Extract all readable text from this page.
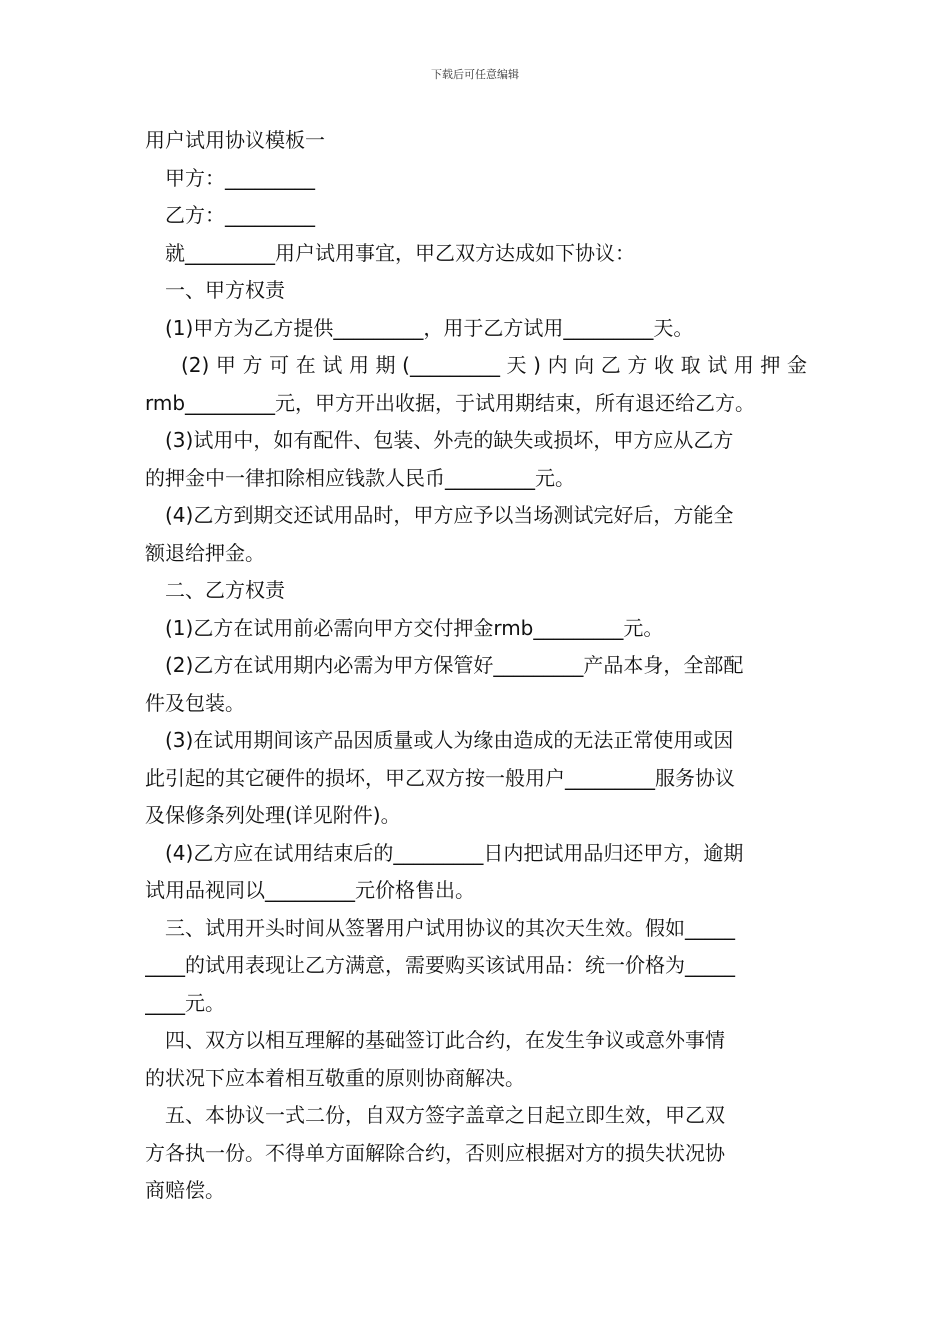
下载后可任意编辑
用户试用协议模板一
甲方：_________
乙方：_________
就_________用户试用事宜，甲乙双方达成如下协议：
一、甲方权责
(1)甲方为乙方提供_________，用于乙方试用_________天。
(2)甲方可在试用期(_________天)内向乙方收取试用押金
rmb_________元，甲方开出收据，于试用期结束，所有退还给乙方。
(3)试用中，如有配件、包装、外壳的缺失或损坏，甲方应从乙方
的押金中一律扣除相应钱款人民币_________元。
(4)乙方到期交还试用品时，甲方应予以当场测试完好后，方能全
额退给押金。
二、乙方权责
(1)乙方在试用前必需向甲方交付押金rmb_________元。
(2)乙方在试用期内必需为甲方保管好_________产品本身，全部配
件及包装。
(3)在试用期间该产品因质量或人为缘由造成的无法正常使用或因
此引起的其它硬件的损坏，甲乙双方按一般用户_________服务协议
及保修条列处理(详见附件)。
(4)乙方应在试用结束后的_________日内把试用品归还甲方，逾期
试用品视同以_________元价格售出。
三、试用开头时间从签署用户试用协议的其次天生效。假如_____
____的试用表现让乙方满意，需要购买该试用品：统一价格为_____
____元。
四、双方以相互理解的基础签订此合约，在发生争议或意外事情
的状况下应本着相互敬重的原则协商解决。
五、本协议一式二份，自双方签字盖章之日起立即生效，甲乙双
方各执一份。不得单方面解除合约，否则应根据对方的损失状况协
商赔偿。
